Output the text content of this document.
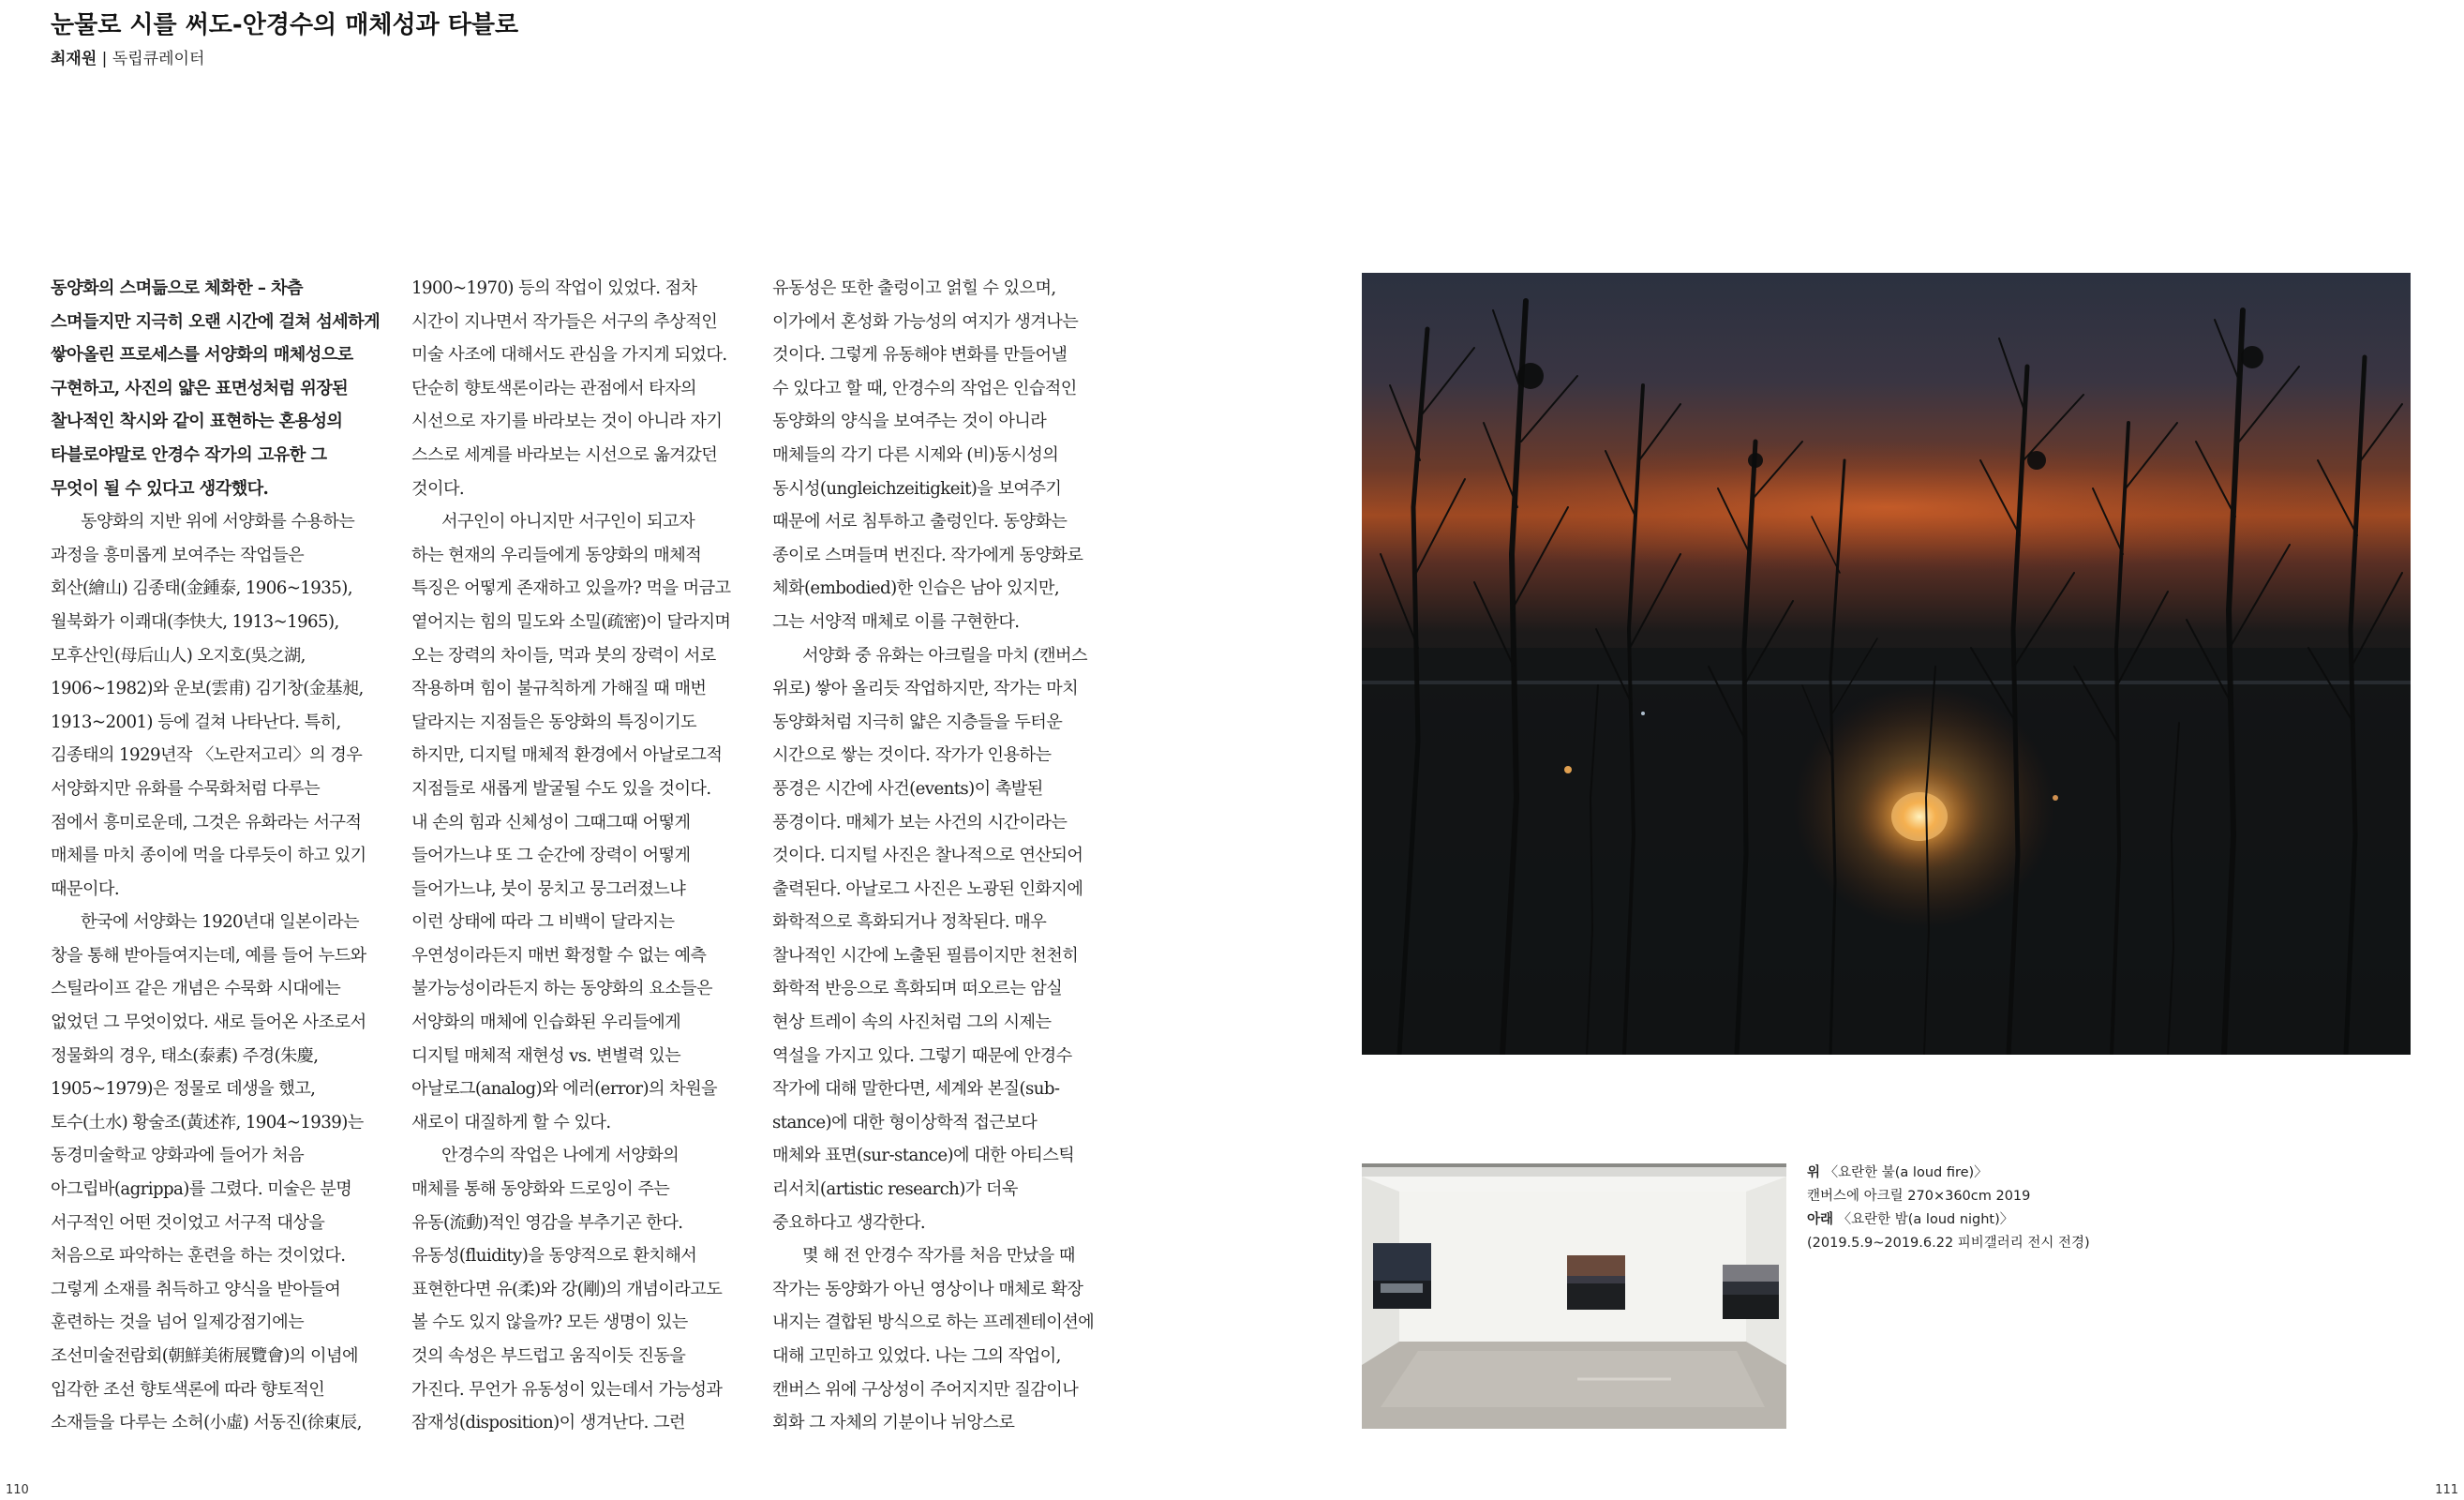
눈물로 시를 써도-안경수의 매체성과 타블로
최재원 | 독립큐레이터
동양화의 스며듦으로 체화한 – 차츰
스며들지만 지극히 오랜 시간에 걸쳐 섬세하게
쌓아올린 프로세스를 서양화의 매체성으로
구현하고, 사진의 얇은 표면성처럼 위장된
찰나적인 착시와 같이 표현하는 혼용성의
타블로야말로 안경수 작가의 고유한 그
무엇이 될 수 있다고 생각했다.
동양화의 지반 위에 서양화를 수용하는
과정을 흥미롭게 보여주는 작업들은
회산(繪山) 김종태(金鍾泰, 1906~1935),
월북화가 이쾌대(李快大, 1913~1965),
모후산인(母后山人) 오지호(吳之湖,
1906~1982)와 운보(雲甫) 김기창(金基昶,
1913~2001) 등에 걸쳐 나타난다. 특히,
김종태의 1929년작 〈노란저고리〉의 경우
서양화지만 유화를 수묵화처럼 다루는
점에서 흥미로운데, 그것은 유화라는 서구적
매체를 마치 종이에 먹을 다루듯이 하고 있기
때문이다.
한국에 서양화는 1920년대 일본이라는
창을 통해 받아들여지는데, 예를 들어 누드와
스틸라이프 같은 개념은 수묵화 시대에는
없었던 그 무엇이었다. 새로 들어온 사조로서
정물화의 경우, 태소(泰素) 주경(朱慶,
1905~1979)은 정물로 데생을 했고,
토수(土水) 황술조(黃述祚, 1904~1939)는
동경미술학교 양화과에 들어가 처음
아그립바(agrippa)를 그렸다. 미술은 분명
서구적인 어떤 것이었고 서구적 대상을
처음으로 파악하는 훈련을 하는 것이었다.
그렇게 소재를 취득하고 양식을 받아들여
훈련하는 것을 넘어 일제강점기에는
조선미술전람회(朝鮮美術展覽會)의 이념에
입각한 조선 향토색론에 따라 향토적인
소재들을 다루는 소허(小虛) 서동진(徐東辰,
1900~1970) 등의 작업이 있었다. 점차
시간이 지나면서 작가들은 서구의 추상적인
미술 사조에 대해서도 관심을 가지게 되었다.
단순히 향토색론이라는 관점에서 타자의
시선으로 자기를 바라보는 것이 아니라 자기
스스로 세계를 바라보는 시선으로 옮겨갔던
것이다.
서구인이 아니지만 서구인이 되고자
하는 현재의 우리들에게 동양화의 매체적
특징은 어떻게 존재하고 있을까? 먹을 머금고
옅어지는 힘의 밀도와 소밀(疏密)이 달라지며
오는 장력의 차이들, 먹과 붓의 장력이 서로
작용하며 힘이 불규칙하게 가해질 때 매번
달라지는 지점들은 동양화의 특징이기도
하지만, 디지털 매체적 환경에서 아날로그적
지점들로 새롭게 발굴될 수도 있을 것이다.
내 손의 힘과 신체성이 그때그때 어떻게
들어가느냐 또 그 순간에 장력이 어떻게
들어가느냐, 붓이 뭉치고 뭉그러졌느냐
이런 상태에 따라 그 비백이 달라지는
우연성이라든지 매번 확정할 수 없는 예측
불가능성이라든지 하는 동양화의 요소들은
서양화의 매체에 인습화된 우리들에게
디지털 매체적 재현성 vs. 변별력 있는
아날로그(analog)와 에러(error)의 차원을
새로이 대질하게 할 수 있다.
안경수의 작업은 나에게 서양화의
매체를 통해 동양화와 드로잉이 주는
유동(流動)적인 영감을 부추기곤 한다.
유동성(fluidity)을 동양적으로 환치해서
표현한다면 유(柔)와 강(剛)의 개념이라고도
볼 수도 있지 않을까? 모든 생명이 있는
것의 속성은 부드럽고 움직이듯 진동을
가진다. 무언가 유동성이 있는데서 가능성과
잠재성(disposition)이 생겨난다. 그런
유동성은 또한 출렁이고 얽힐 수 있으며,
이가에서 혼성화 가능성의 여지가 생겨나는
것이다. 그렇게 유동해야 변화를 만들어낼
수 있다고 할 때, 안경수의 작업은 인습적인
동양화의 양식을 보여주는 것이 아니라
매체들의 각기 다른 시제와 (비)동시성의
동시성(ungleichzeitigkeit)을 보여주기
때문에 서로 침투하고 출렁인다. 동양화는
종이로 스며들며 번진다. 작가에게 동양화로
체화(embodied)한 인습은 남아 있지만,
그는 서양적 매체로 이를 구현한다.
서양화 중 유화는 아크릴을 마치 (캔버스
위로) 쌓아 올리듯 작업하지만, 작가는 마치
동양화처럼 지극히 얇은 지층들을 두터운
시간으로 쌓는 것이다. 작가가 인용하는
풍경은 시간에 사건(events)이 촉발된
풍경이다. 매체가 보는 사건의 시간이라는
것이다. 디지털 사진은 찰나적으로 연산되어
출력된다. 아날로그 사진은 노광된 인화지에
화학적으로 흑화되거나 정착된다. 매우
찰나적인 시간에 노출된 필름이지만 천천히
화학적 반응으로 흑화되며 떠오르는 암실
현상 트레이 속의 사진처럼 그의 시제는
역설을 가지고 있다. 그렇기 때문에 안경수
작가에 대해 말한다면, 세계와 본질(sub-
stance)에 대한 형이상학적 접근보다
매체와 표면(sur-stance)에 대한 아티스틱
리서치(artistic research)가 더욱
중요하다고 생각한다.
몇 해 전 안경수 작가를 처음 만났을 때
작가는 동양화가 아닌 영상이나 매체로 확장
내지는 결합된 방식으로 하는 프레젠테이션에
대해 고민하고 있었다. 나는 그의 작업이,
캔버스 위에 구상성이 주어지지만 질감이나
회화 그 자체의 기분이나 뉘앙스로
위 〈요란한 불(a loud fire)〉
캔버스에 아크릴 270×360cm 2019
아래 〈요란한 밤(a loud night)〉
(2019.5.9~2019.6.22 피비갤러리 전시 전경)
110	111
